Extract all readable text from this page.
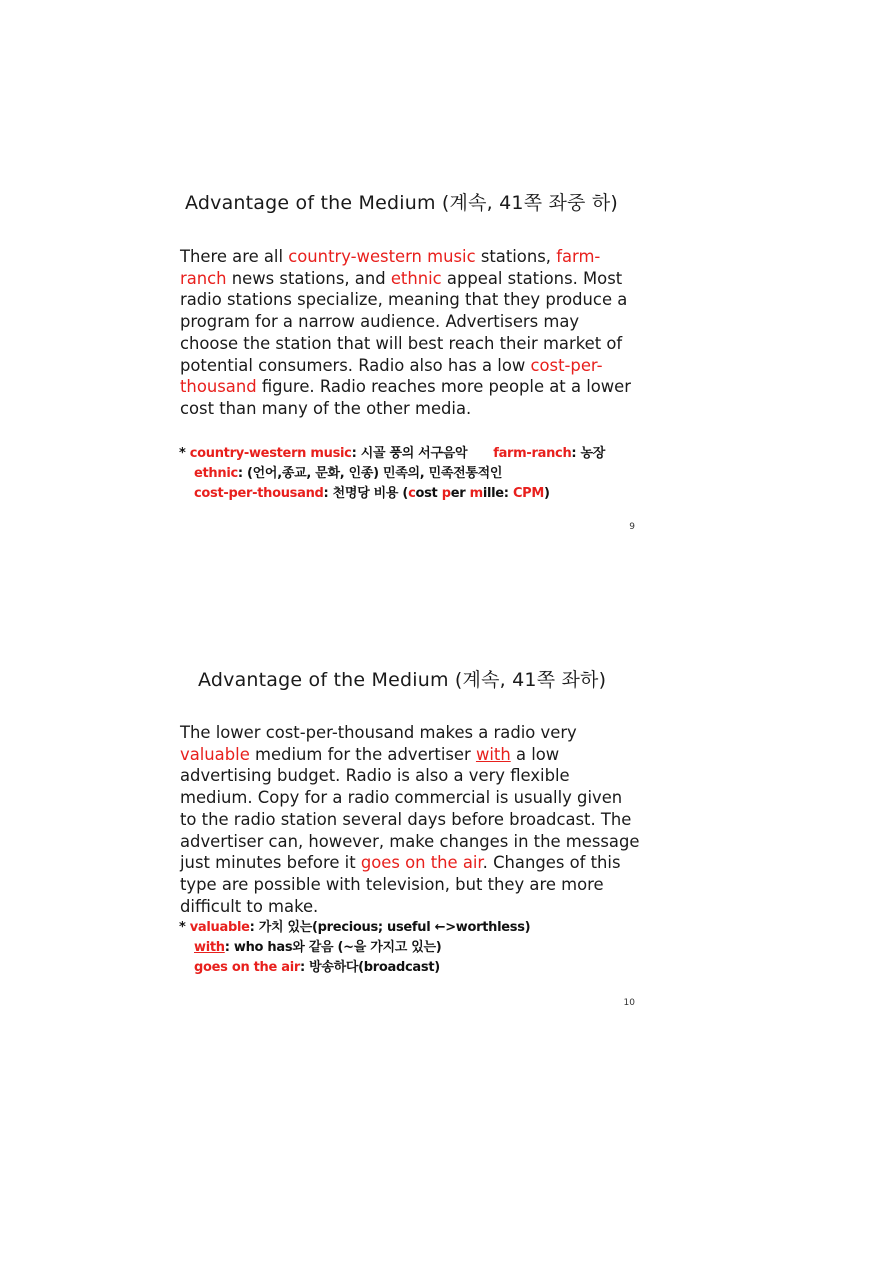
Advantage of the Medium (계속, 41쪽 좌중 하)

There are all country-western music stations, farm-ranch news stations, and ethnic appeal stations. Most radio stations specialize, meaning that they produce a program for a narrow audience. Advertisers may choose the station that will best reach their market of potential consumers. Radio also has a low cost-per-thousand figure. Radio reaches more people at a lower cost than many of the other media.

* country-western music: 시골 풍의 서구음악 farm-ranch: 농장
ethnic: (언어,종교, 문화, 인종) 민족의, 민족전통적인
cost-per-thousand: 천명당 비용 (cost per mille: CPM)
9
Advantage of the Medium (계속, 41쪽 좌하)

The lower cost-per-thousand makes a radio very valuable medium for the advertiser with a low advertising budget. Radio is also a very flexible medium. Copy for a radio commercial is usually given to the radio station several days before broadcast. The advertiser can, however, make changes in the message just minutes before it goes on the air. Changes of this type are possible with television, but they are more difficult to make.

* valuable: 가치 있는(precious; useful ←>worthless)
with: who has와 같음 (~을 가지고 있는)
goes on the air: 방송하다(broadcast)
10
